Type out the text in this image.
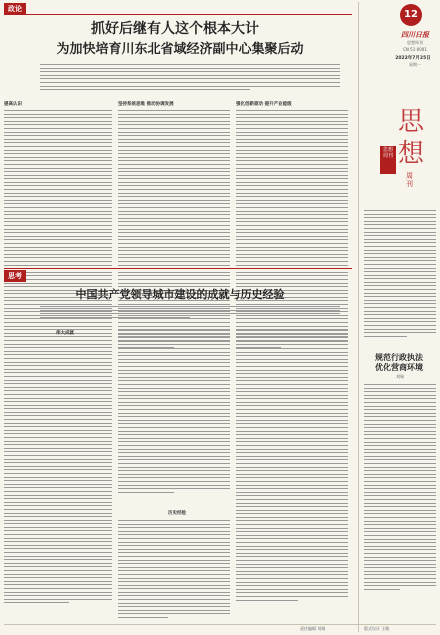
政论
抓好后继有人这个根本大计
为加快培育川东北省域经济副中心集聚后动
提高认识	坚持系统思维 推动协调发展	强化创新驱动 提升产业能级
12
四川日报
思想周刊
CN 51-0001
2022年7月25日
星期一
思
想
周刊
思想周刊
规范行政执法
优化营商环境
刘瑞
思考
中国共产党领导城市建设的成就与历史经验
伟大成就
历史经验
责任编辑 刘瑞	版式设计 王敏
